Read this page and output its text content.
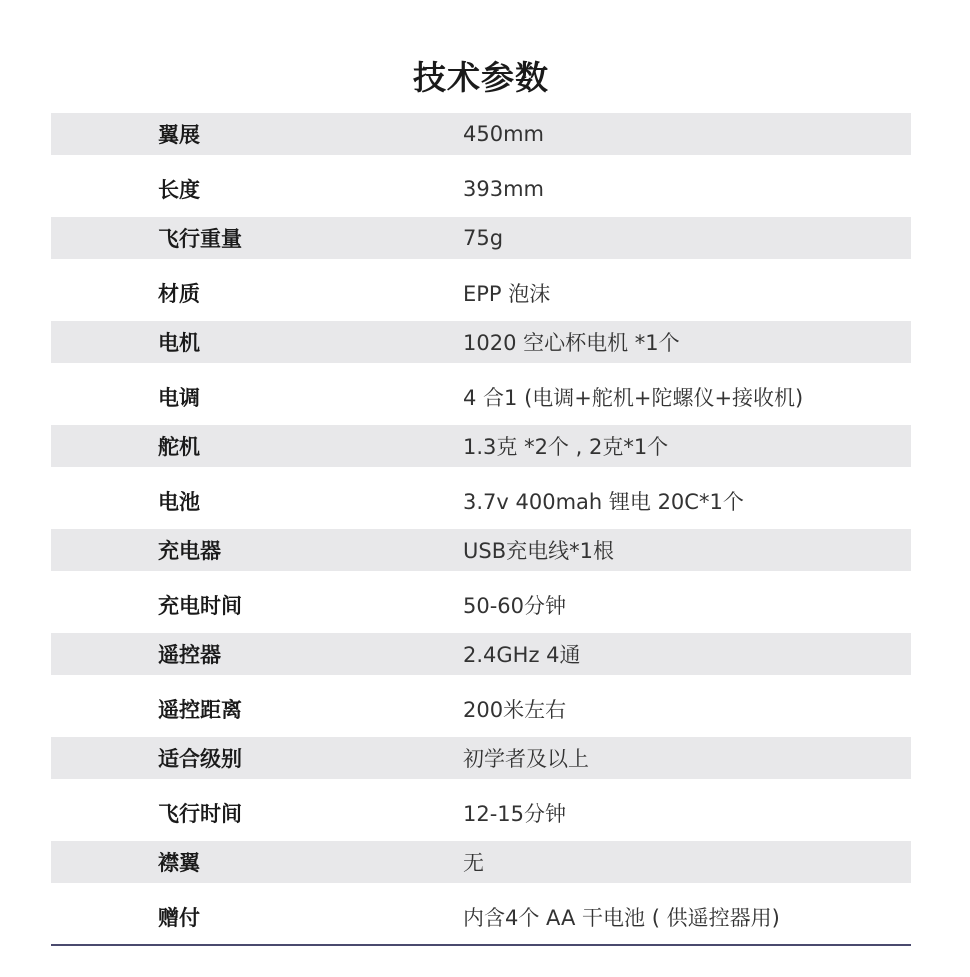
技术参数
翼展	450mm
长度	393mm
飞行重量	75g
材质	EPP 泡沫
电机	1020 空心杯电机 *1个
电调	4 合1 (电调+舵机+陀螺仪+接收机)
舵机	1.3克 *2个 , 2克*1个
电池	3.7v 400mah 锂电 20C*1个
充电器	USB充电线*1根
充电时间	50-60分钟
遥控器	2.4GHz 4通
遥控距离	200米左右
适合级别	初学者及以上
飞行时间	12-15分钟
襟翼	无
赠付	内含4个 AA 干电池 ( 供遥控器用)
